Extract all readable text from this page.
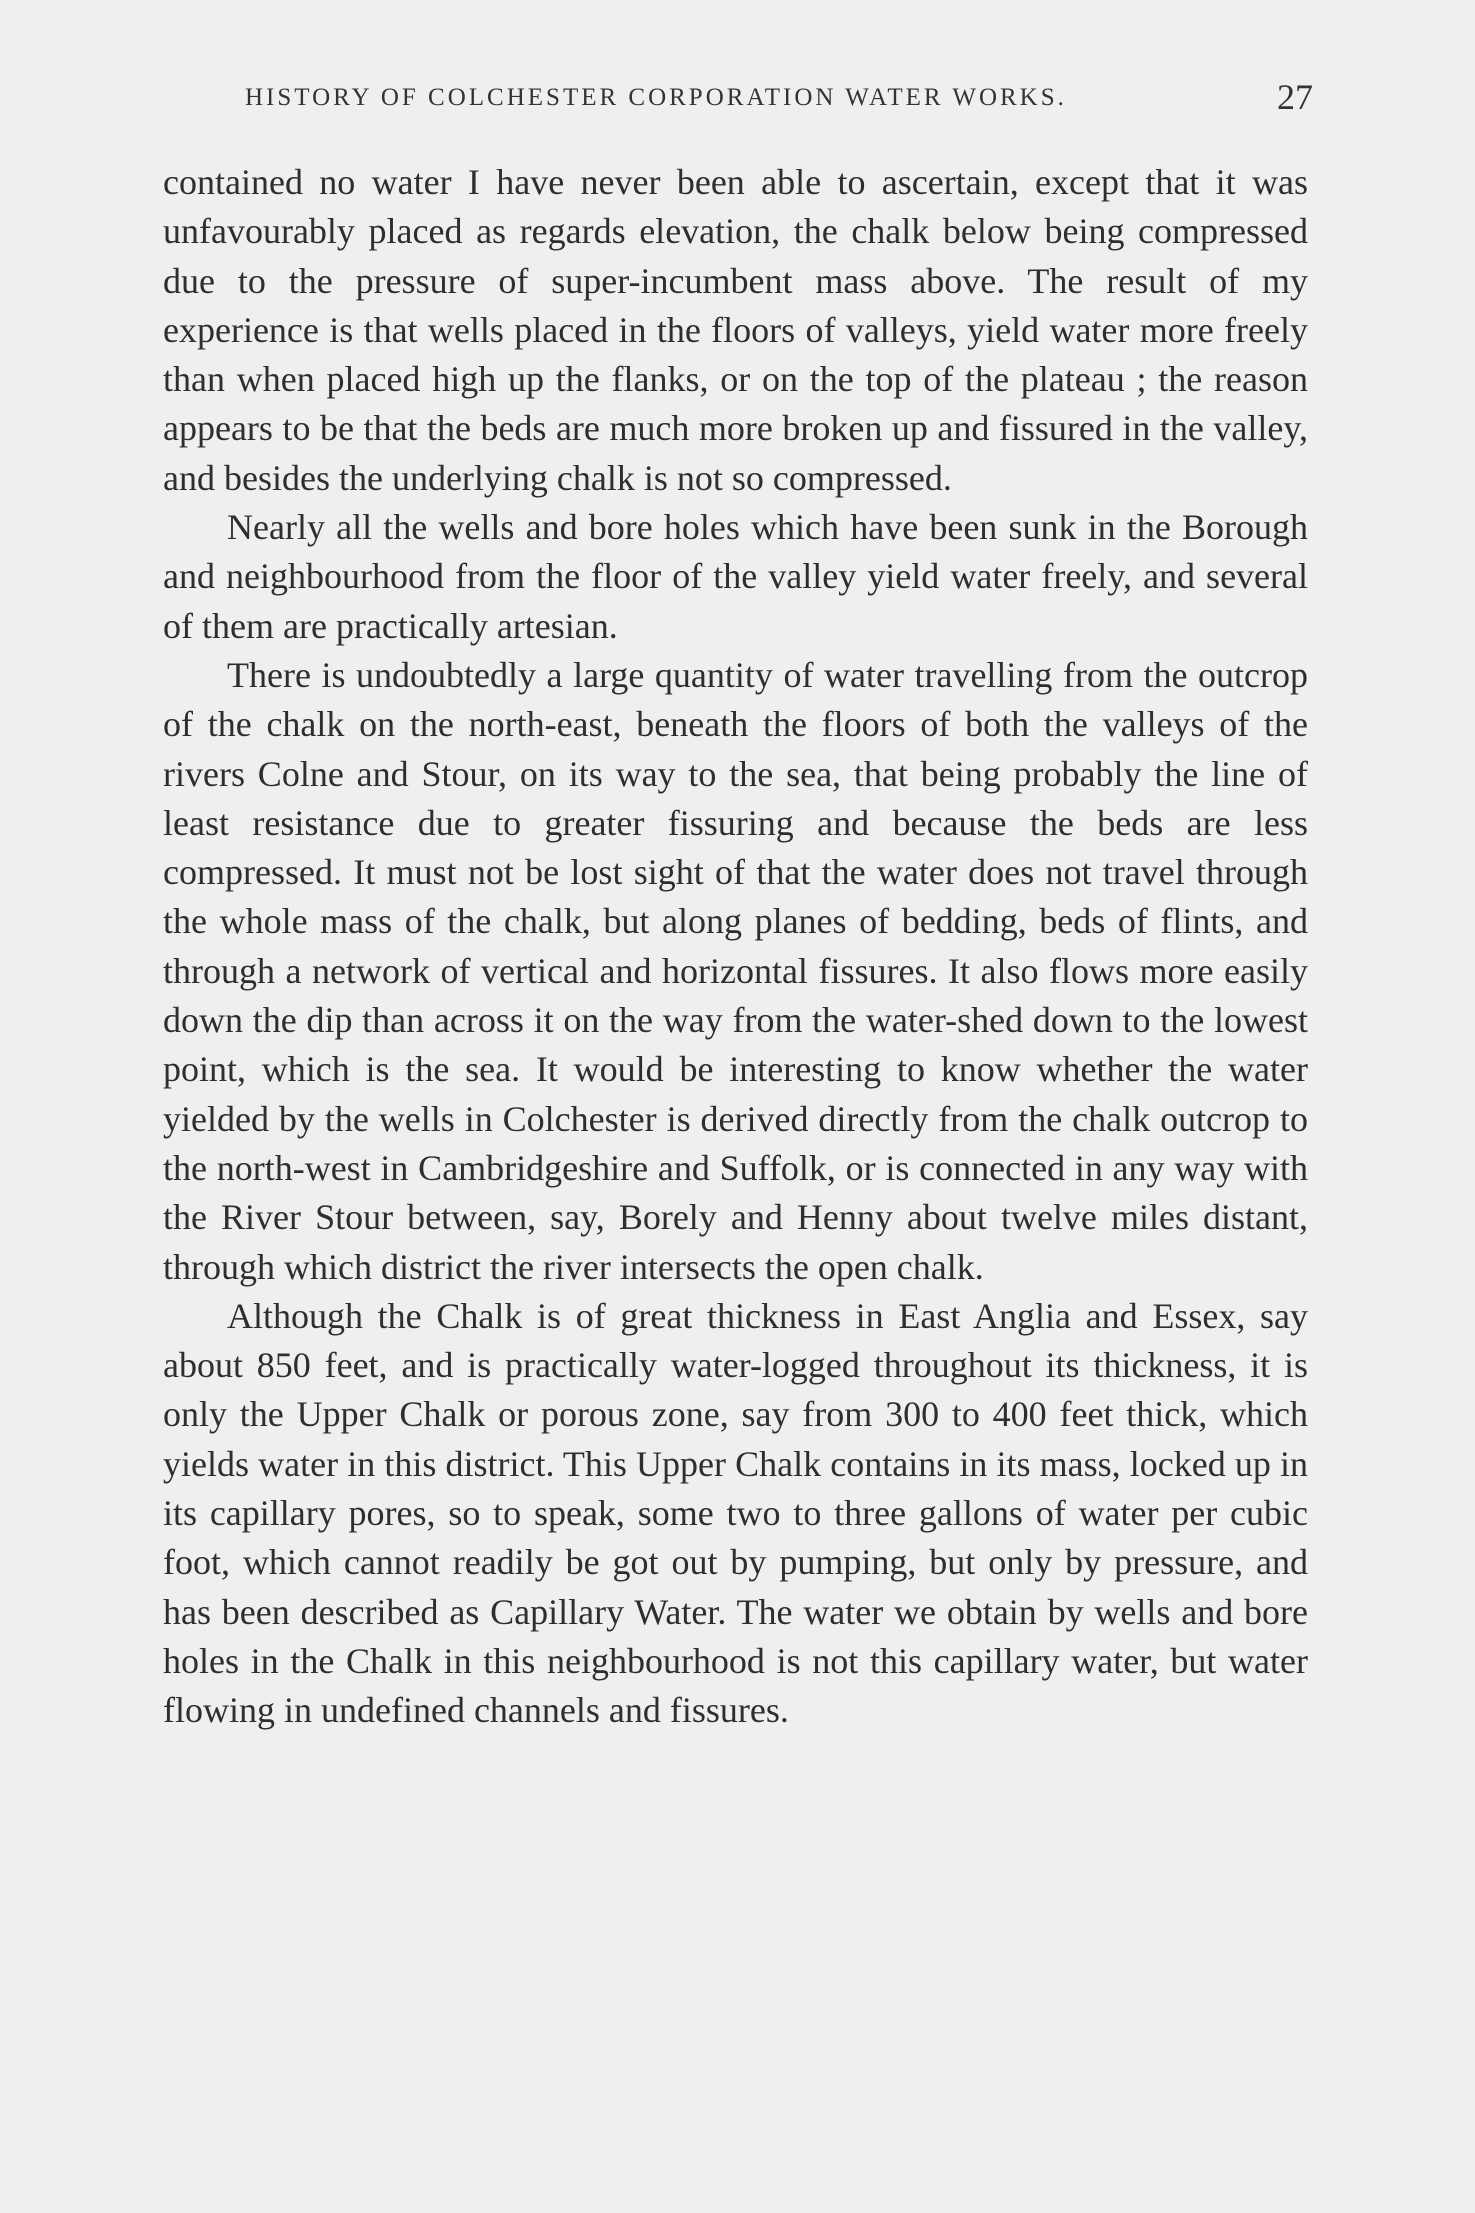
HISTORY OF COLCHESTER CORPORATION WATER WORKS.	27

contained no water I have never been able to ascertain, except that it was unfavourably placed as regards elevation, the chalk below being compressed due to the pressure of super-incumbent mass above. The result of my experience is that wells placed in the floors of valleys, yield water more freely than when placed high up the flanks, or on the top of the plateau ; the reason appears to be that the beds are much more broken up and fissured in the valley, and besides the underlying chalk is not so compressed.

Nearly all the wells and bore holes which have been sunk in the Borough and neighbourhood from the floor of the valley yield water freely, and several of them are practically artesian.

There is undoubtedly a large quantity of water travelling from the outcrop of the chalk on the north-east, beneath the floors of both the valleys of the rivers Colne and Stour, on its way to the sea, that being probably the line of least resistance due to greater fissuring and because the beds are less compressed. It must not be lost sight of that the water does not travel through the whole mass of the chalk, but along planes of bedding, beds of flints, and through a network of vertical and horizontal fissures. It also flows more easily down the dip than across it on the way from the water-shed down to the lowest point, which is the sea. It would be interesting to know whether the water yielded by the wells in Colchester is derived directly from the chalk outcrop to the north-west in Cambridgeshire and Suffolk, or is connected in any way with the River Stour between, say, Borely and Henny about twelve miles distant, through which district the river intersects the open chalk.

Although the Chalk is of great thickness in East Anglia and Essex, say about 850 feet, and is practically water-logged throughout its thickness, it is only the Upper Chalk or porous zone, say from 300 to 400 feet thick, which yields water in this district. This Upper Chalk contains in its mass, locked up in its capillary pores, so to speak, some two to three gallons of water per cubic foot, which cannot readily be got out by pumping, but only by pressure, and has been described as Capillary Water. The water we obtain by wells and bore holes in the Chalk in this neighbourhood is not this capillary water, but water flowing in undefined channels and fissures.
